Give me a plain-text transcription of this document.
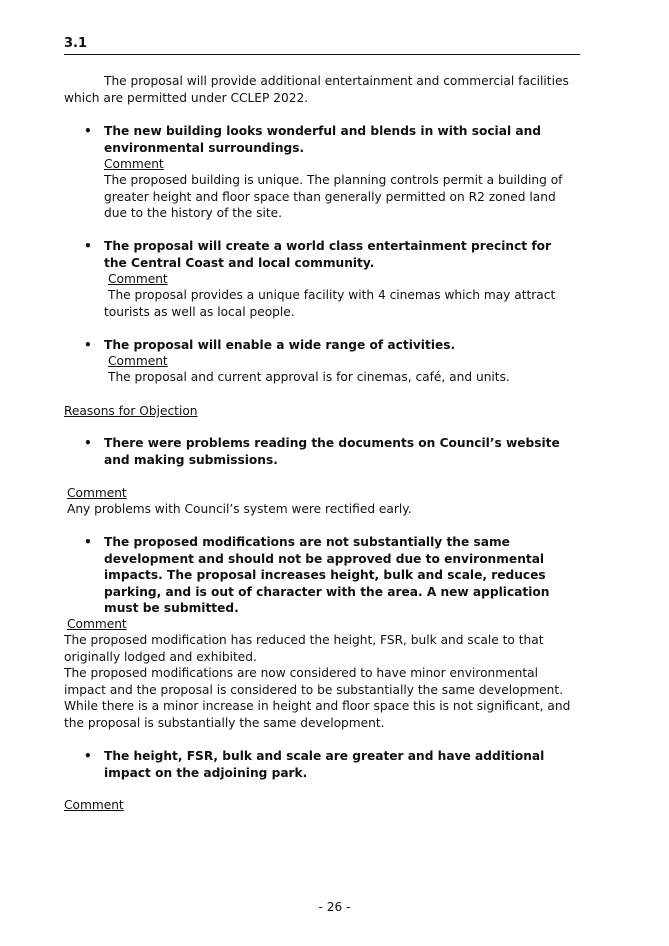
3.1

The proposal will provide additional entertainment and commercial facilities which are permitted under CCLEP 2022.

• The new building looks wonderful and blends in with social and environmental surroundings.

Comment

The proposed building is unique. The planning controls permit a building of greater height and floor space than generally permitted on R2 zoned land due to the history of the site.

• The proposal will create a world class entertainment precinct for the Central Coast and local community.

Comment

The proposal provides a unique facility with 4 cinemas which may attract tourists as well as local people.

• The proposal will enable a wide range of activities.

Comment

The proposal and current approval is for cinemas, café, and units.

Reasons for Objection

• There were problems reading the documents on Council’s website and making submissions.

Comment

Any problems with Council’s system were rectified early.

• The proposed modifications are not substantially the same development and should not be approved due to environmental impacts. The proposal increases height, bulk and scale, reduces parking, and is out of character with the area. A new application must be submitted.

Comment

The proposed modification has reduced the height, FSR, bulk and scale to that originally lodged and exhibited.

The proposed modifications are now considered to have minor environmental impact and the proposal is considered to be substantially the same development. While there is a minor increase in height and floor space this is not significant, and the proposal is substantially the same development.

• The height, FSR, bulk and scale are greater and have additional impact on the adjoining park.

Comment

- 26 -
